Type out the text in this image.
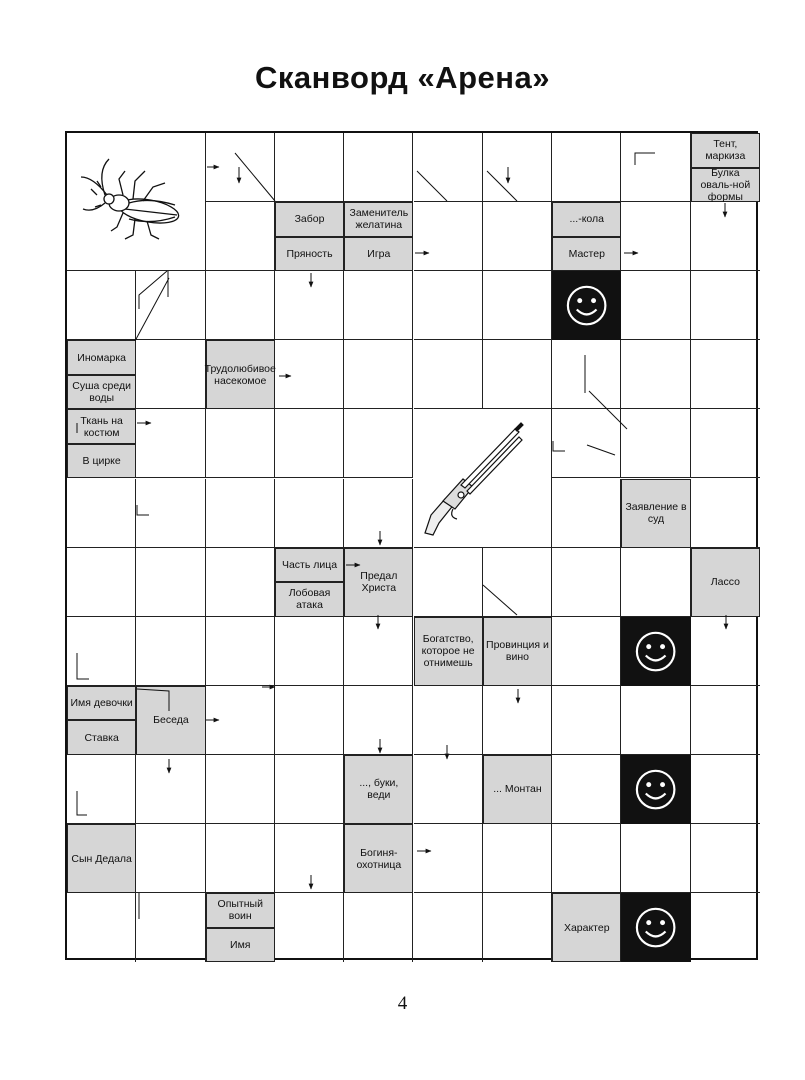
Сканворд «Арена»
Тент, маркиза
Булка оваль-ной формы
Забор	Заменитель желатина
Пряность	Игра
...-кола
Мастер
Иномарка
Суша среди воды
Трудолюбивое насекомое
Ткань на костюм
В цирке
Заявление в суд
Часть лица
Лобовая атака
Предал Христа	Лассо
Богатство, которое не отнимешь
Провинция и вино
Имя девочки
Ставка
Беседа
..., буки, веди	... Монтан
Сын Дедала	Богиня-охотница
Опытный воин
Имя
Характер
4
